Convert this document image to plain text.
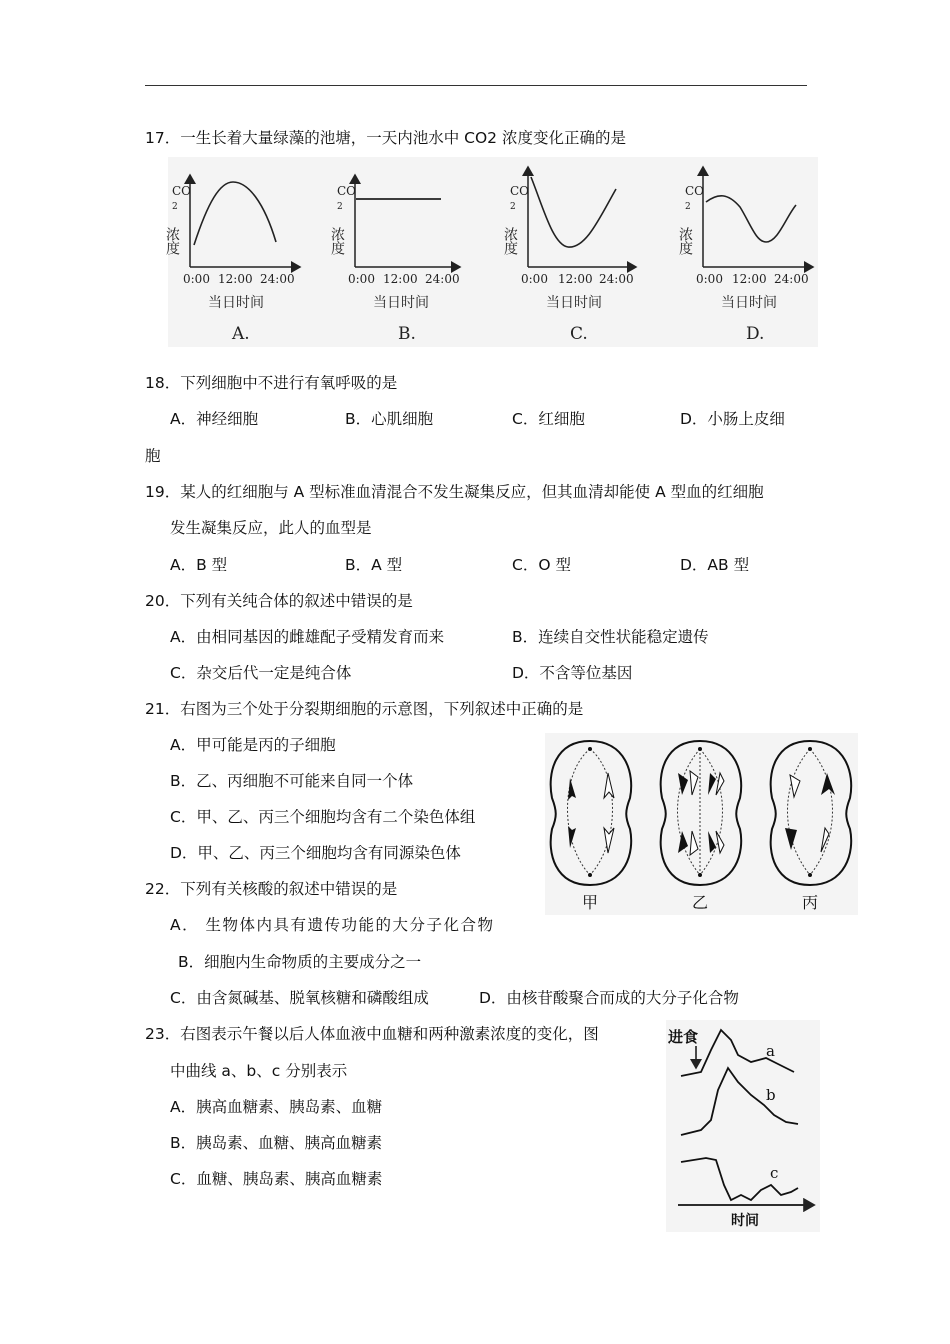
17．一生长着大量绿藻的池塘，一天内池水中 CO2 浓度变化正确的是
CO
2
浓度
0:00 12:00 24:00
当日时间
A.
CO
2
浓度
0:00 12:00 24:00
当日时间
B.
CO
2
浓度
0:00 12:00 24:00
当日时间
C.
CO
2
浓度
0:00 12:00 24:00
当日时间
D.
18．下列细胞中不进行有氧呼吸的是
A．神经细胞	B．心肌细胞	C．红细胞	D．小肠上皮细
胞
19．某人的红细胞与 A 型标准血清混合不发生凝集反应，但其血清却能使 A 型血的红细胞
发生凝集反应，此人的血型是
A．B 型	B．A 型	C．O 型	D．AB 型
20．下列有关纯合体的叙述中错误的是
A．由相同基因的雌雄配子受精发育而来	B．连续自交性状能稳定遗传
C．杂交后代一定是纯合体	D．不含等位基因
21．右图为三个处于分裂期细胞的示意图，下列叙述中正确的是
A．甲可能是丙的子细胞
B．乙、丙细胞不可能来自同一个体
C．甲、乙、丙三个细胞均含有二个染色体组
D．甲、乙、丙三个细胞均含有同源染色体
甲	乙	丙
22．下列有关核酸的叙述中错误的是
A． 生物体内具有遗传功能的大分子化合物
B．细胞内生命物质的主要成分之一
C．由含氮碱基、脱氧核糖和磷酸组成	D．由核苷酸聚合而成的大分子化合物
23．右图表示午餐以后人体血液中血糖和两种激素浓度的变化，图
中曲线 a、b、c 分别表示
A．胰高血糖素、胰岛素、血糖
B．胰岛素、血糖、胰高血糖素
C．血糖、胰岛素、胰高血糖素
进食
a
b
c
时间
